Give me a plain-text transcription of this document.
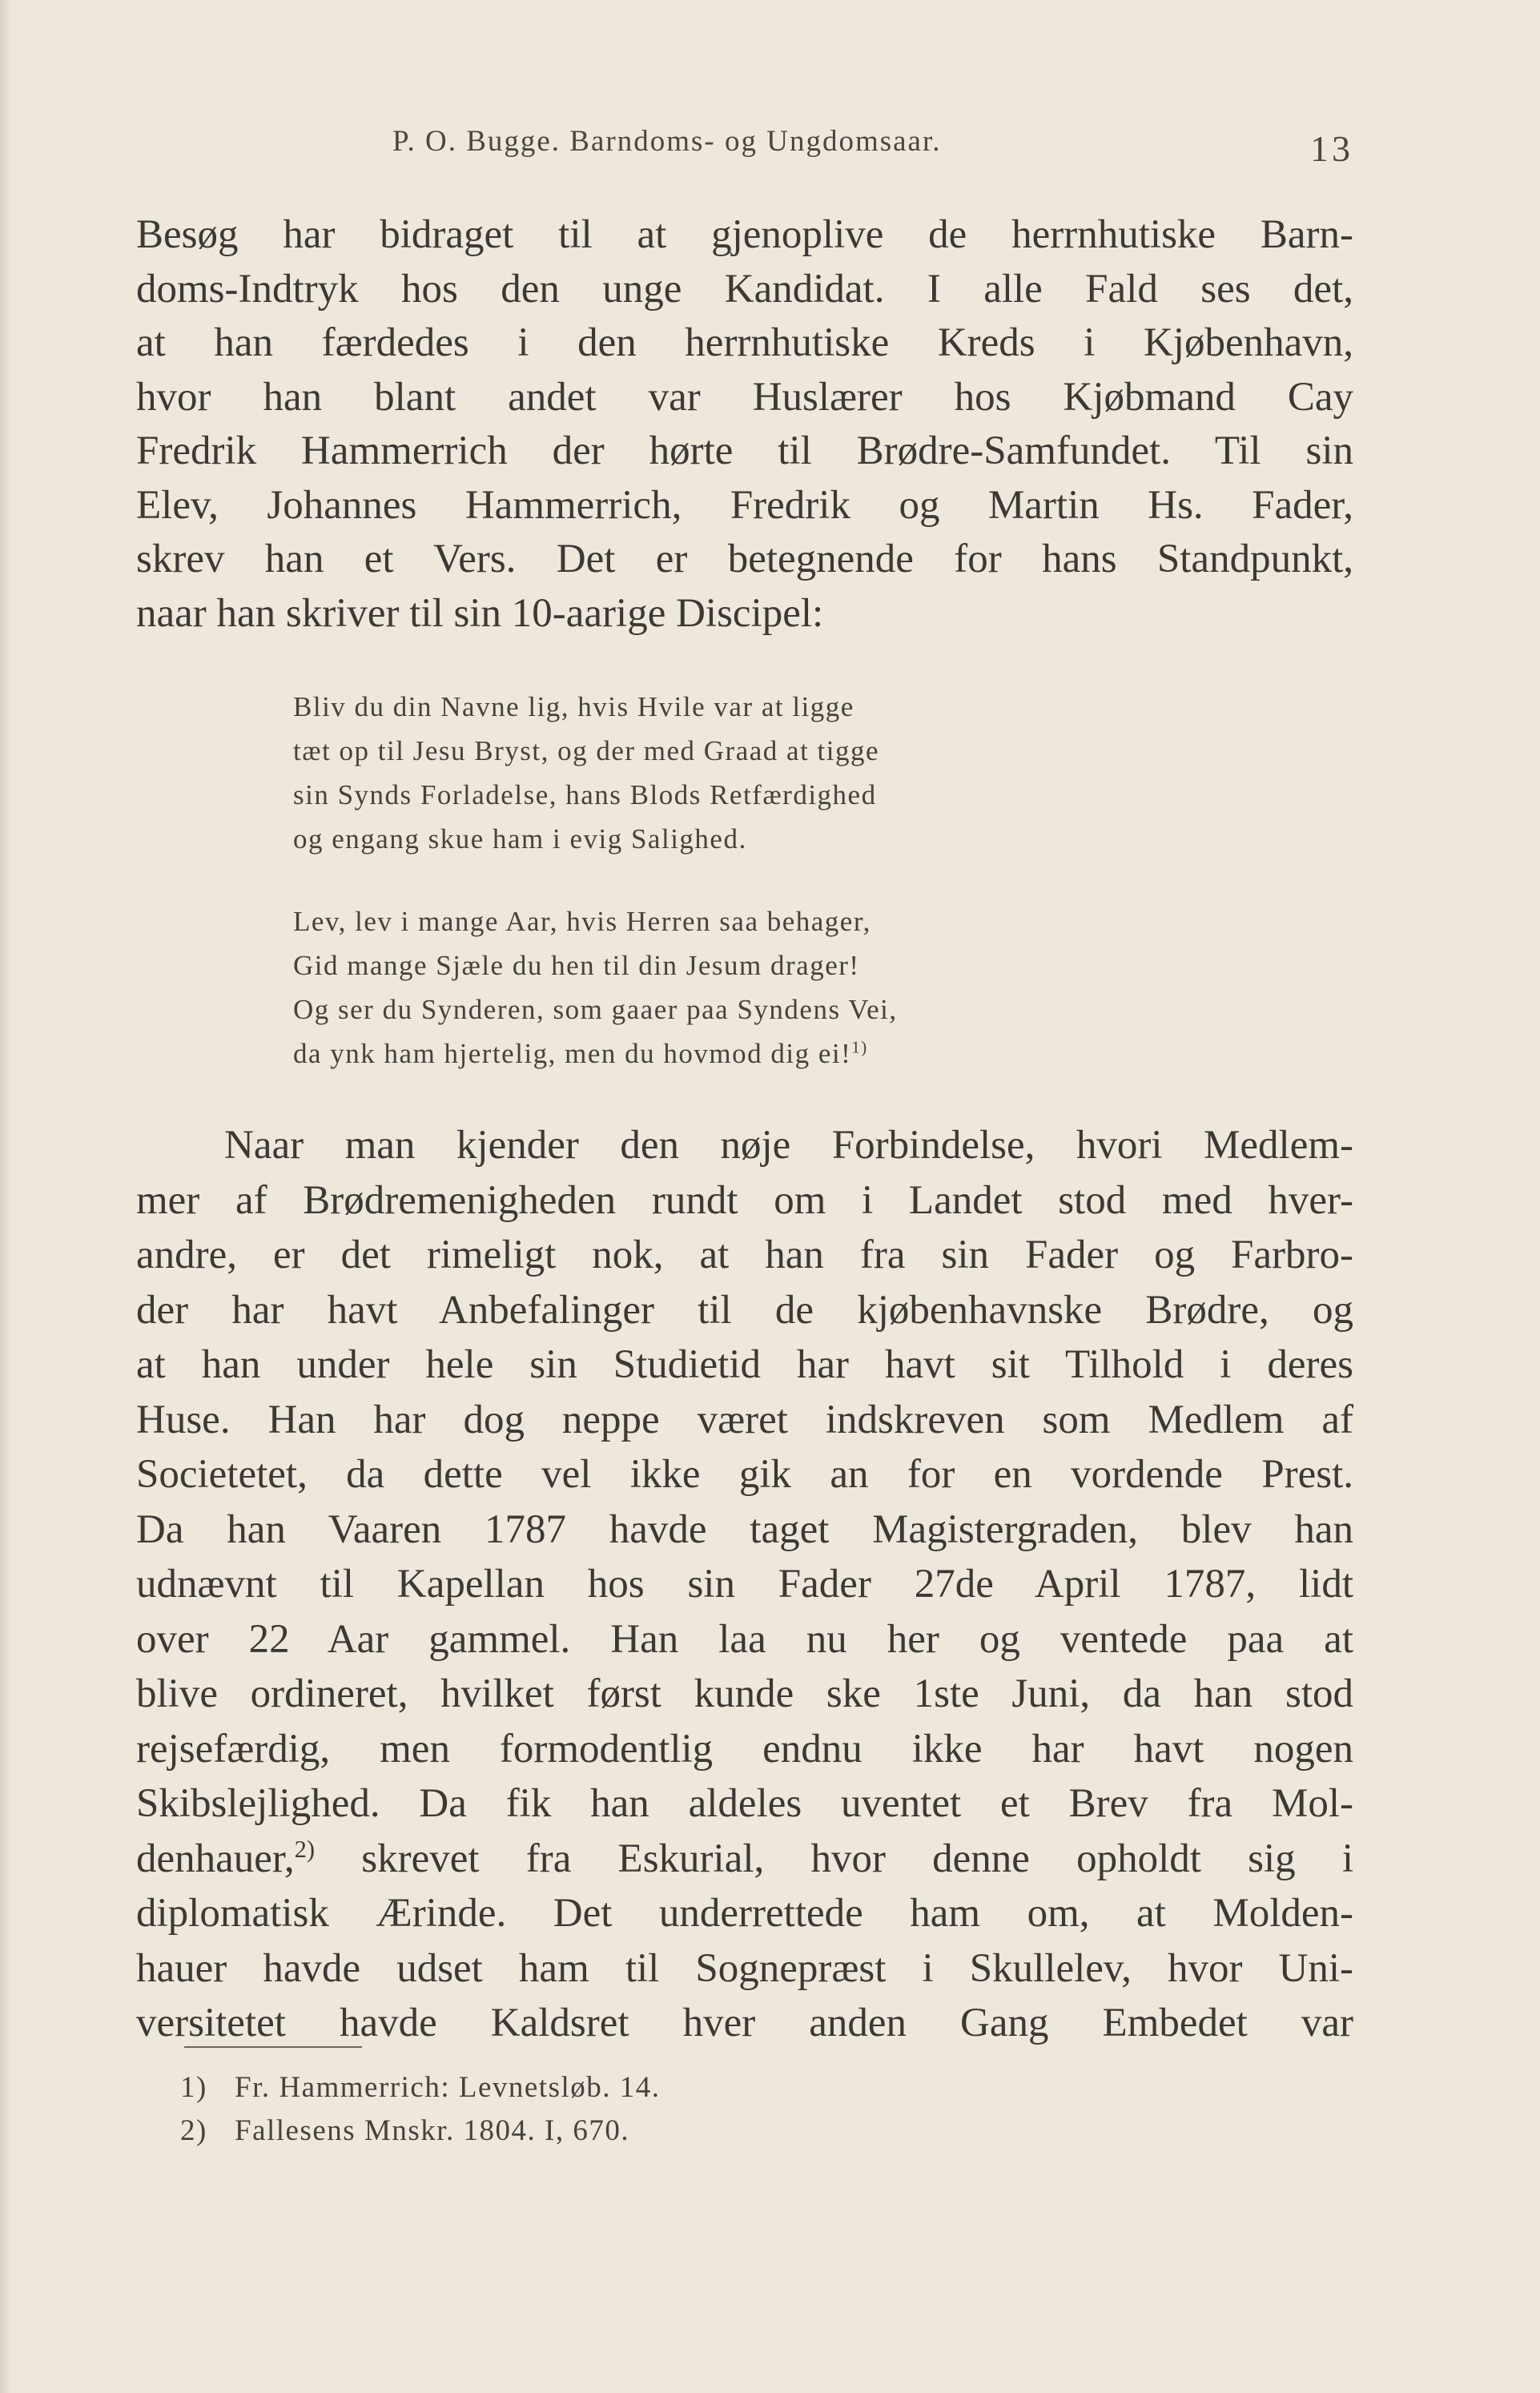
P. O. Bugge. Barndoms- og Ungdomsaar.	13
Besøg har bidraget til at gjenoplive de herrnhutiske Barn-
doms-Indtryk hos den unge Kandidat. I alle Fald ses det,
at han færdedes i den herrnhutiske Kreds i Kjøbenhavn,
hvor han blant andet var Huslærer hos Kjøbmand Cay
Fredrik Hammerrich der hørte til Brødre-Samfundet. Til sin
Elev, Johannes Hammerrich, Fredrik og Martin Hs. Fader,
skrev han et Vers. Det er betegnende for hans Standpunkt,
naar han skriver til sin 10-aarige Discipel:
Bliv du din Navne lig, hvis Hvile var at ligge
tæt op til Jesu Bryst, og der med Graad at tigge
sin Synds Forladelse, hans Blods Retfærdighed
og engang skue ham i evig Salighed.
Lev, lev i mange Aar, hvis Herren saa behager,
Gid mange Sjæle du hen til din Jesum drager!
Og ser du Synderen, som gaaer paa Syndens Vei,
da ynk ham hjertelig, men du hovmod dig ei!$^{1)}$
Naar man kjender den nøje Forbindelse, hvori Medlem-
mer af Brødremenigheden rundt om i Landet stod med hver-
andre, er det rimeligt nok, at han fra sin Fader og Farbro-
der har havt Anbefalinger til de kjøbenhavnske Brødre, og
at han under hele sin Studietid har havt sit Tilhold i deres
Huse. Han har dog neppe været indskreven som Medlem af
Societetet, da dette vel ikke gik an for en vordende Prest.
Da han Vaaren 1787 havde taget Magistergraden, blev han
udnævnt til Kapellan hos sin Fader 27de April 1787, lidt
over 22 Aar gammel. Han laa nu her og ventede paa at
blive ordineret, hvilket først kunde ske 1ste Juni, da han stod
rejsefærdig, men formodentlig endnu ikke har havt nogen
Skibslejlighed. Da fik han aldeles uventet et Brev fra Mol-
denhauer,$^{2)}$ skrevet fra Eskurial, hvor denne opholdt sig i
diplomatisk Ærinde. Det underrettede ham om, at Molden-
hauer havde udset ham til Sognepræst i Skullelev, hvor Uni-
versitetet havde Kaldsret hver anden Gang Embedet var
1) Fr. Hammerrich: Levnetsløb. 14.
2) Fallesens Mnskr. 1804. I, 670.
